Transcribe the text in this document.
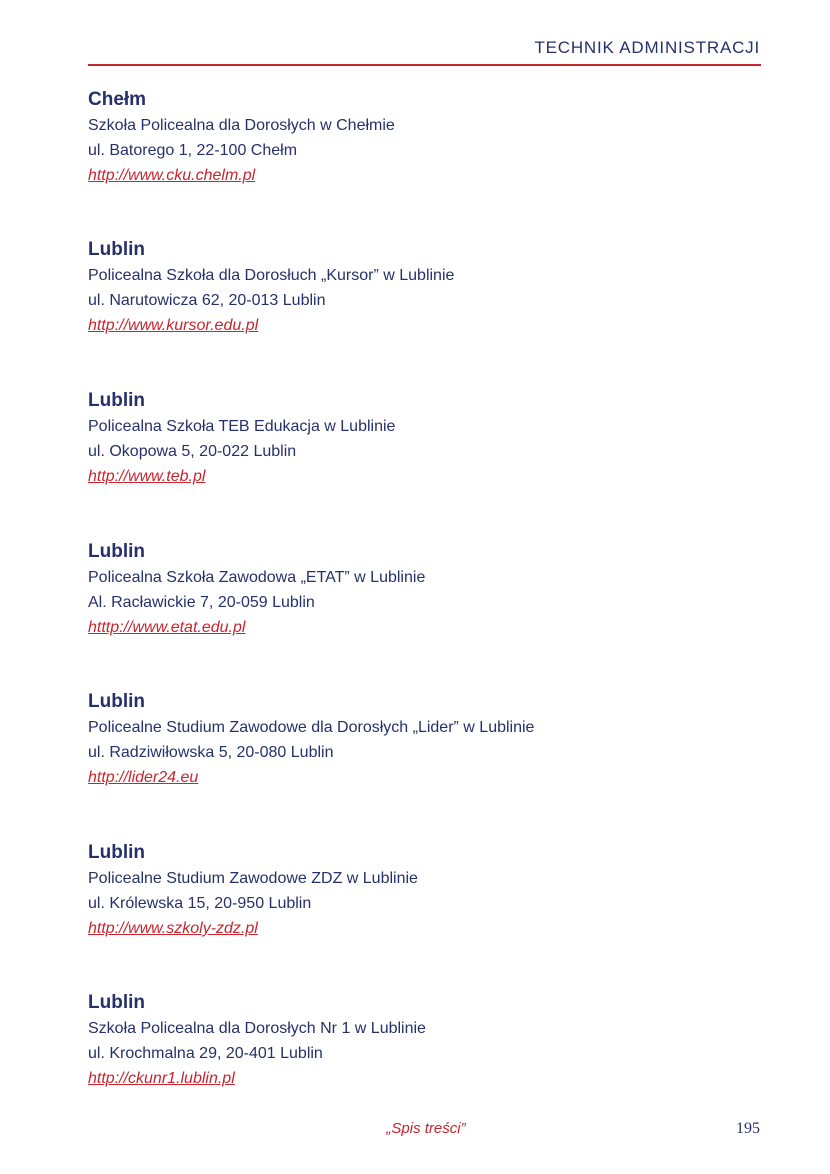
TECHNIK ADMINISTRACJI
Chełm
Szkoła Policealna dla Dorosłych w Chełmie
ul. Batorego 1, 22-100 Chełm
http://www.cku.chelm.pl
Lublin
Policealna Szkoła dla Dorosłuch „Kursor” w Lublinie
ul. Narutowicza 62, 20-013 Lublin
http://www.kursor.edu.pl
Lublin
Policealna Szkoła TEB Edukacja w Lublinie
ul. Okopowa 5, 20-022 Lublin
http://www.teb.pl
Lublin
Policealna Szkoła Zawodowa „ETAT” w Lublinie
Al. Racławickie 7, 20-059 Lublin
htttp://www.etat.edu.pl
Lublin
Policealne Studium Zawodowe dla Dorosłych „Lider” w Lublinie
ul. Radziwiłowska 5, 20-080 Lublin
http://lider24.eu
Lublin
Policealne Studium Zawodowe ZDZ w Lublinie
ul. Królewska 15, 20-950 Lublin
http://www.szkoly-zdz.pl
Lublin
Szkoła Policealna dla Dorosłych Nr 1 w Lublinie
ul. Krochmalna 29, 20-401 Lublin
http://ckunr1.lublin.pl
„Spis treści”	195
